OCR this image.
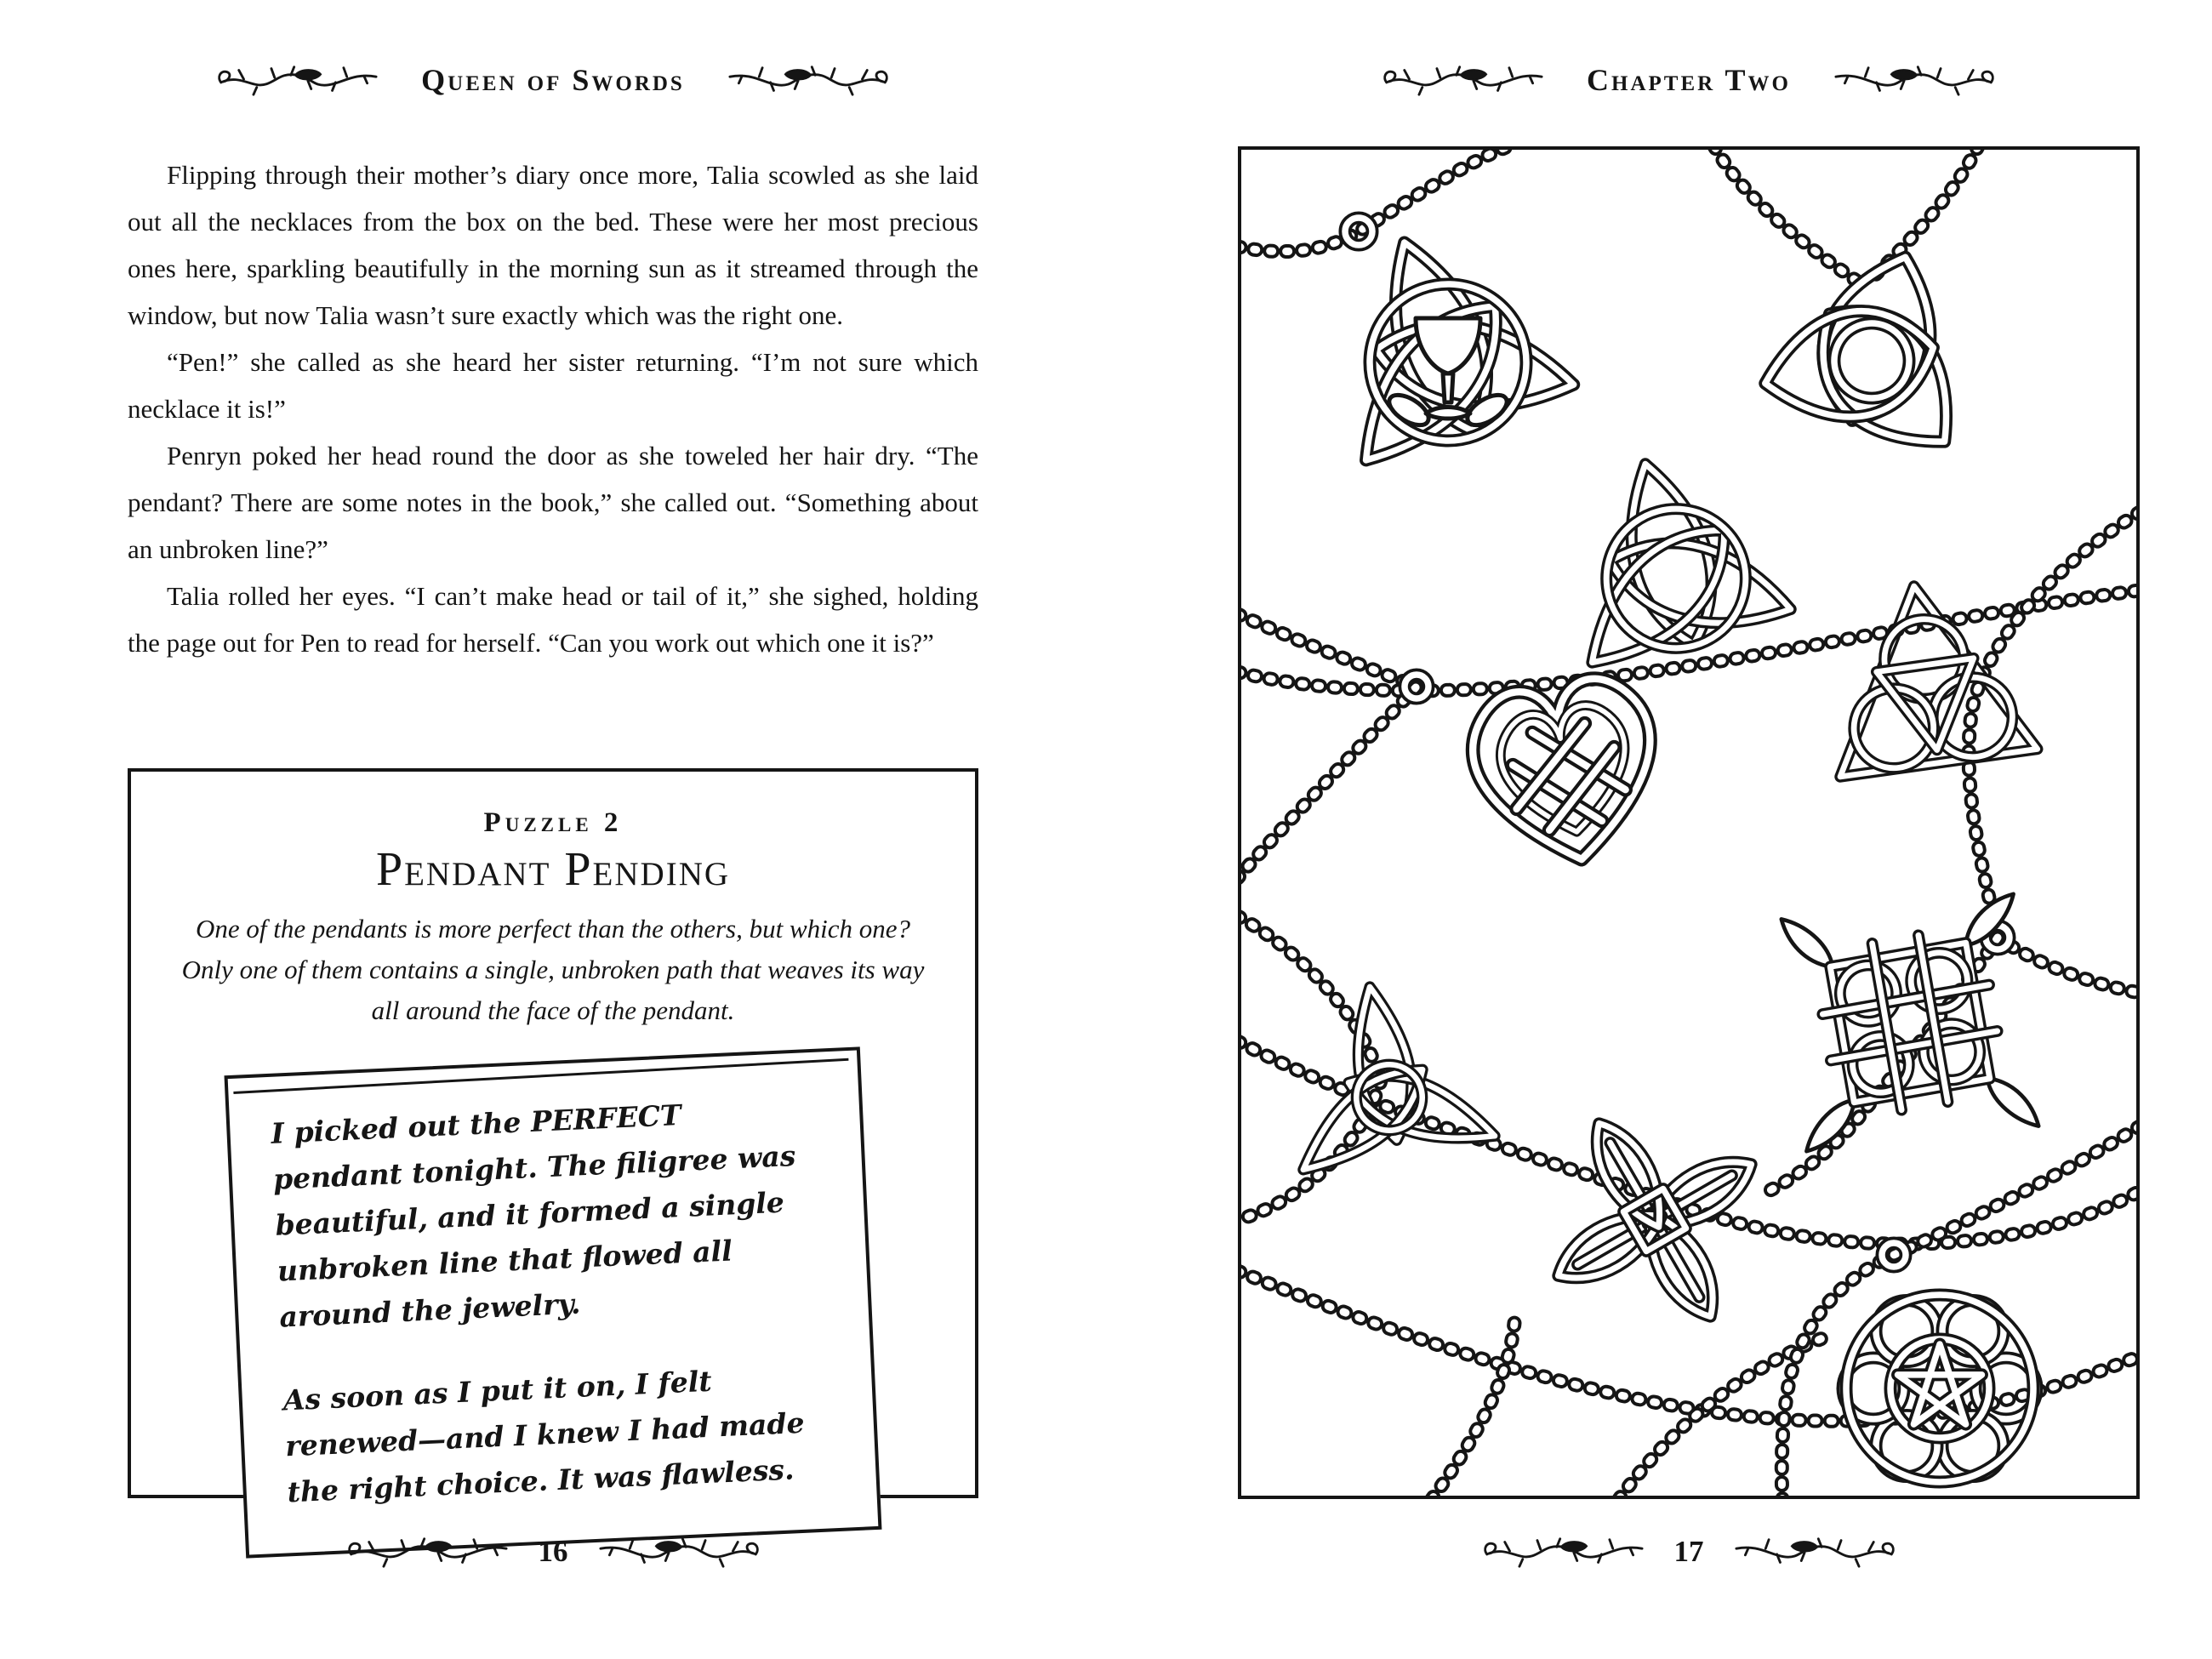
Queen of Swords

Flipping through their mother’s diary once more, Talia scowled as she laid out all the necklaces from the box on the bed. These were her most precious ones here, sparkling beautifully in the morning sun as it streamed through the window, but now Talia wasn’t sure exactly which was the right one.

“Pen!” she called as she heard her sister returning. “I’m not sure which necklace it is!”

Penryn poked her head round the door as she toweled her hair dry. “The pendant? There are some notes in the book,” she called out. “Something about an unbroken line?”

Talia rolled her eyes. “I can’t make head or tail of it,” she sighed, holding the page out for Pen to read for herself. “Can you work out which one it is?”

Puzzle 2
Pendant Pending
One of the pendants is more perfect than the others, but which one? Only one of them contains a single, unbroken path that weaves its way all around the face of the pendant.

I picked out the PERFECT pendant tonight. The filigree was beautiful, and it formed a single unbroken line that flowed all around the jewelry.

As soon as I put it on, I felt renewed—and I knew I had made the right choice. It was flawless.

16
Chapter Two
17
